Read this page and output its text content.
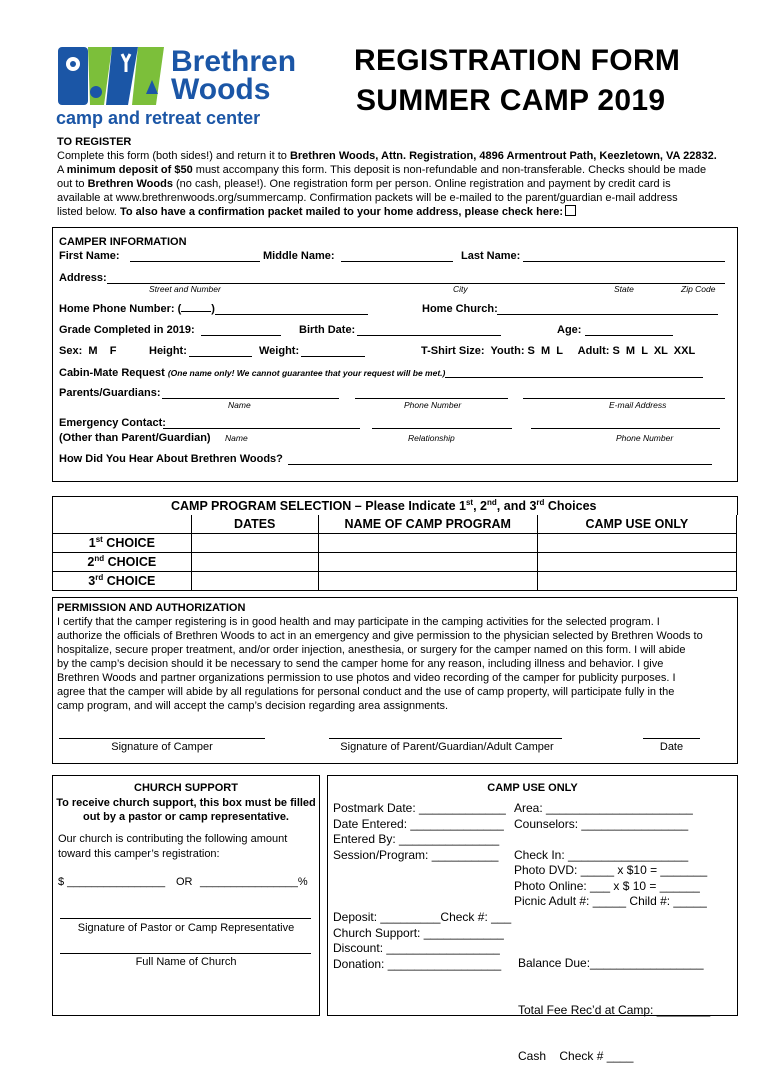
Brethren
Woods
camp and retreat center
REGISTRATION FORM
SUMMER CAMP 2019
TO REGISTER
Complete this form (both sides!) and return it to Brethren Woods, Attn. Registration, 4896 Armentrout Path, Keezletown, VA 22832.
A minimum deposit of $50 must accompany this form. This deposit is non-refundable and non-transferable. Checks should be made
out to Brethren Woods (no cash, please!). One registration form per person. Online registration and payment by credit card is
available at www.brethrenwoods.org/summercamp. Confirmation packets will be e-mailed to the parent/guardian e-mail address
listed below. To also have a confirmation packet mailed to your home address, please check here:
CAMPER INFORMATION
First Name:	Middle Name:	Last Name:
Address:
Street and Number	City	State	Zip Code
Home Phone Number: (	)	Home Church:
Grade Completed in 2019:	Birth Date:	Age:
Sex:  M    F	Height:	Weight:	T-Shirt Size:  Youth: S  M  L     Adult: S  M  L  XL  XXL
Cabin-Mate Request (One name only! We cannot guarantee that your request will be met.)
Parents/Guardians:
Name	Phone Number	E-mail Address
Emergency Contact:
(Other than Parent/Guardian) Name	Relationship	Phone Number
How Did You Hear About Brethren Woods?
CAMP PROGRAM SELECTION – Please Indicate 1st, 2nd, and 3rd Choices
	DATES	NAME OF CAMP PROGRAM	CAMP USE ONLY
1st CHOICE			
2nd CHOICE			
3rd CHOICE			
PERMISSION AND AUTHORIZATION
I certify that the camper registering is in good health and may participate in the camping activities for the selected program. I
authorize the officials of Brethren Woods to act in an emergency and give permission to the physician selected by Brethren Woods to
hospitalize, secure proper treatment, and/or order injection, anesthesia, or surgery for the camper named on this form. I will abide
by the camp’s decision should it be necessary to send the camper home for any reason, including illness and behavior. I give
Brethren Woods and partner organizations permission to use photos and video recording of the camper for publicity purposes. I
agree that the camper will abide by all regulations for personal conduct and the use of camp property, will participate fully in the
camp program, and will accept the camp’s decision regarding area assignments.
Signature of Camper	Signature of Parent/Guardian/Adult Camper	Date
CHURCH SUPPORT
To receive church support, this box must be filled
out by a pastor or camp representative.
Our church is contributing the following amount
toward this camper’s registration:
$ ________________ OR ________________%
Signature of Pastor or Camp Representative
Full Name of Church
CAMP USE ONLY
Postmark Date: _____________
Date Entered: ______________
Entered By: _______________
Session/Program: __________
Area: ______________________
Counselors: ________________
Check In: __________________
Photo DVD: _____ x $10 = _______
Photo Online: ___ x $ 10 = ______
Picnic Adult #: _____ Child #: _____
Deposit: _________Check #: ___
Church Support: ____________
Discount: _________________
Donation: _________________

	Balance Due:_________________

Total Fee Rec’d at Camp: ________

Cash    Check # ____
